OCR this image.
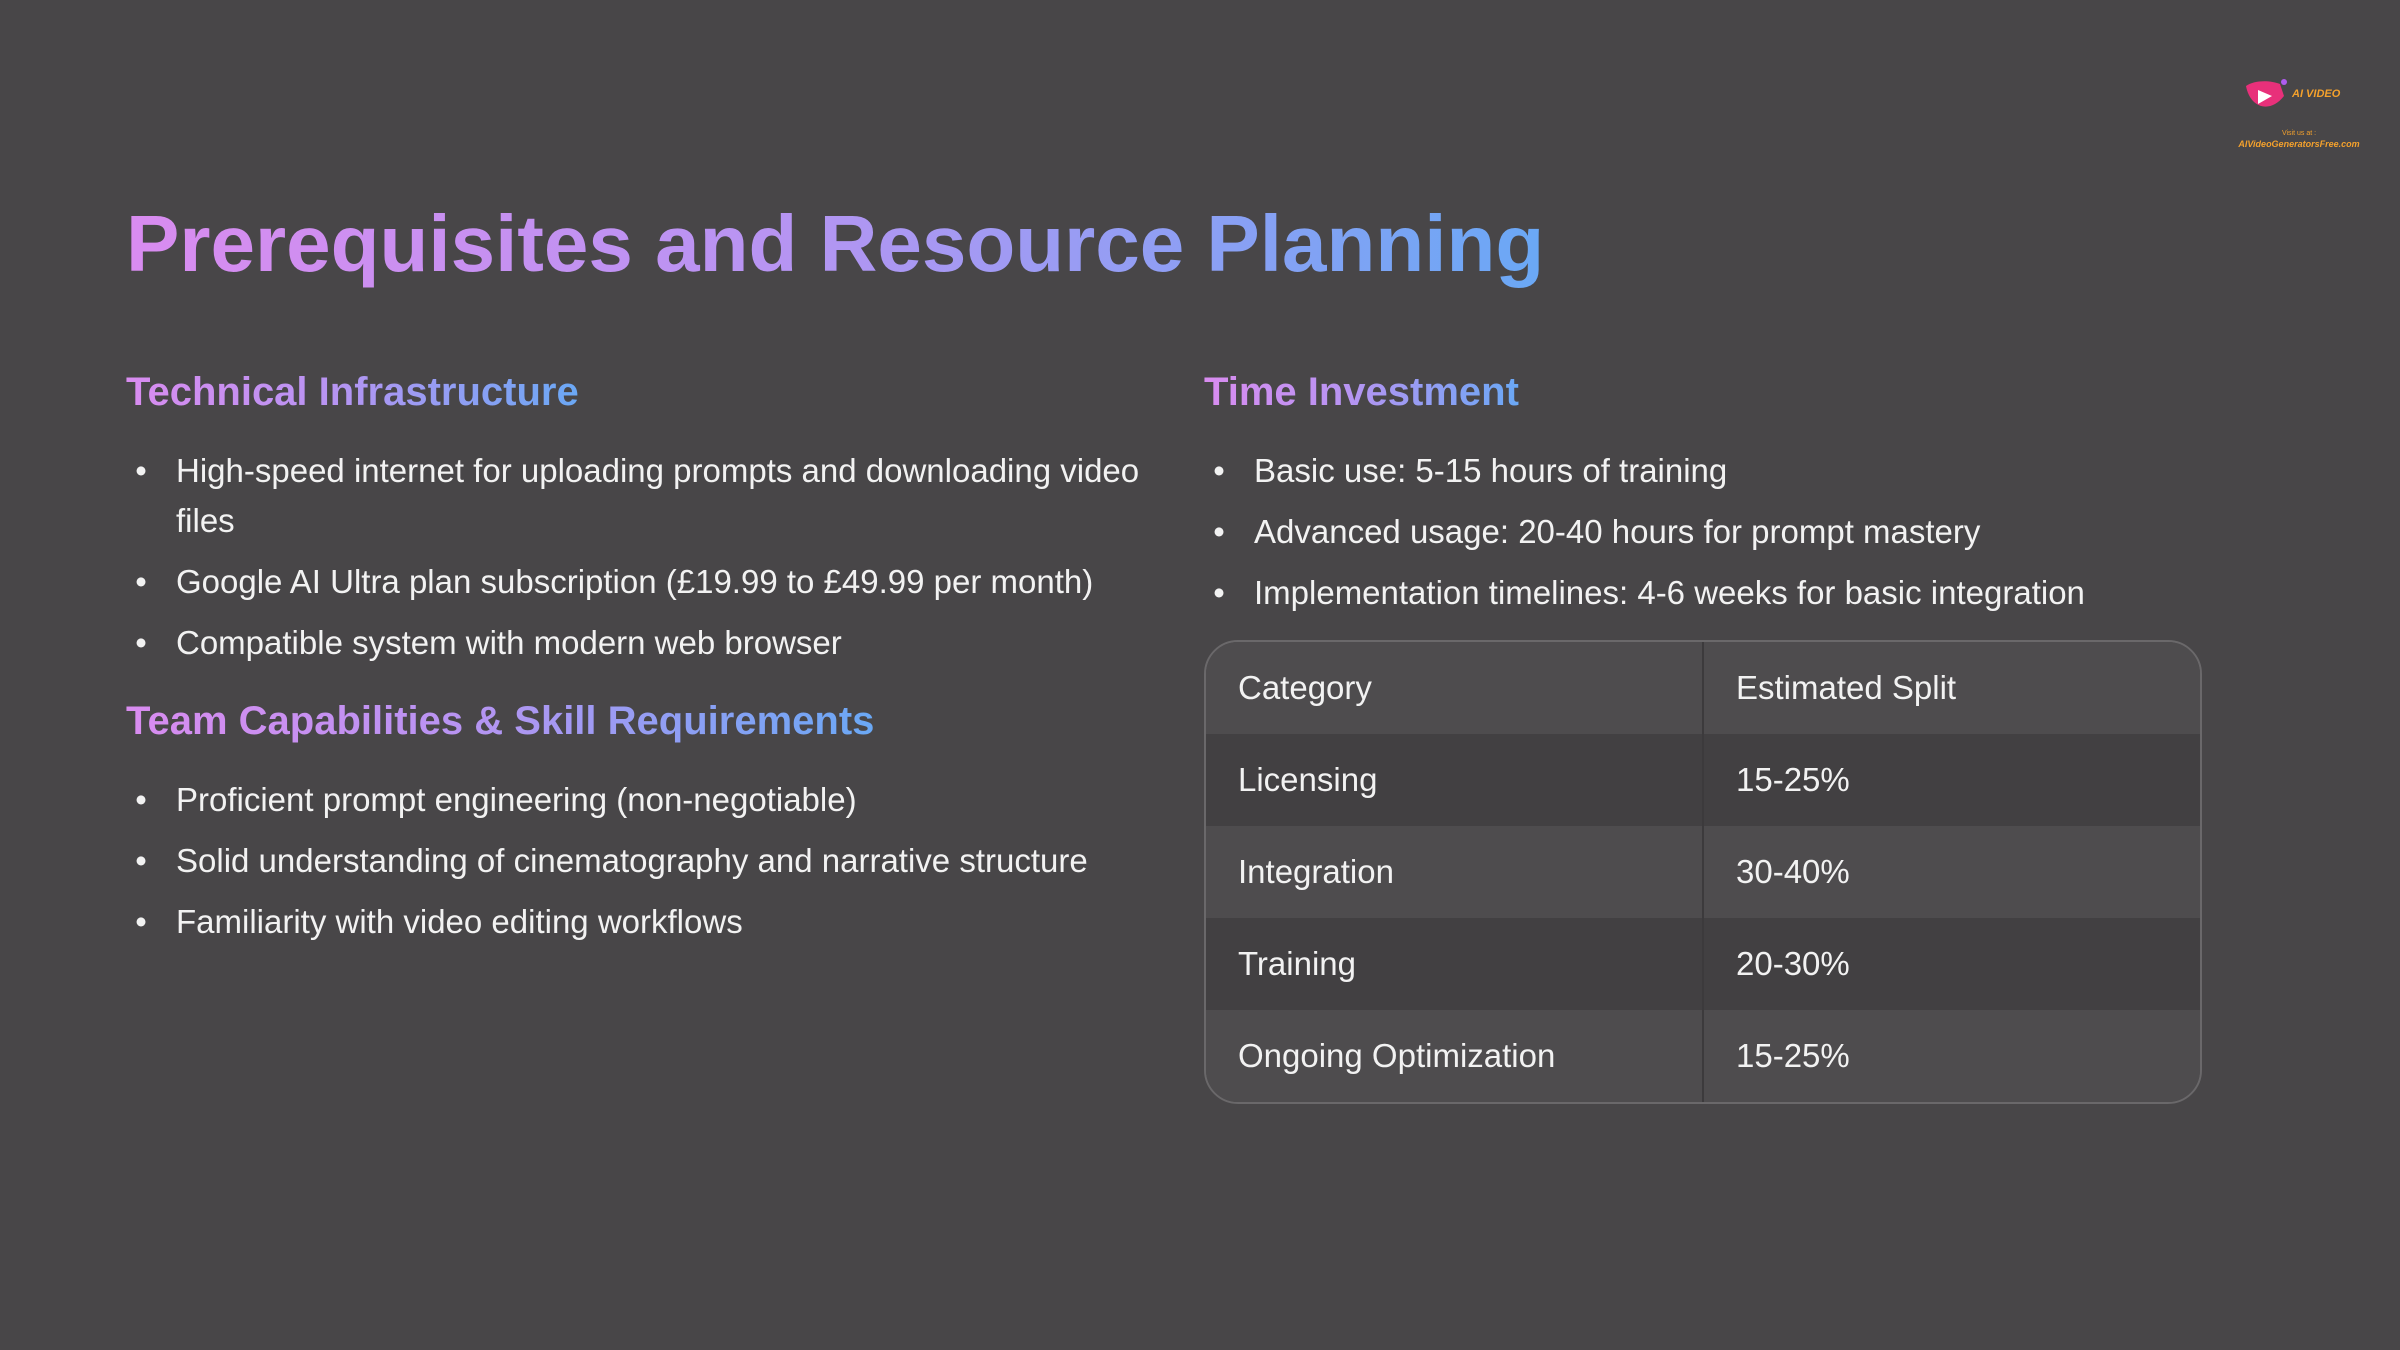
Prerequisites and Resource Planning
AI VIDEO
Visit us at :
AIVideoGeneratorsFree.com
Technical Infrastructure
• High-speed internet for uploading prompts and downloading video files
• Google AI Ultra plan subscription (£19.99 to £49.99 per month)
• Compatible system with modern web browser
Team Capabilities & Skill Requirements
• Proficient prompt engineering (non-negotiable)
• Solid understanding of cinematography and narrative structure
• Familiarity with video editing workflows
Time Investment
• Basic use: 5-15 hours of training
• Advanced usage: 20-40 hours for prompt mastery
• Implementation timelines: 4-6 weeks for basic integration
Category	Estimated Split
Licensing	15-25%
Integration	30-40%
Training	20-30%
Ongoing Optimization	15-25%
